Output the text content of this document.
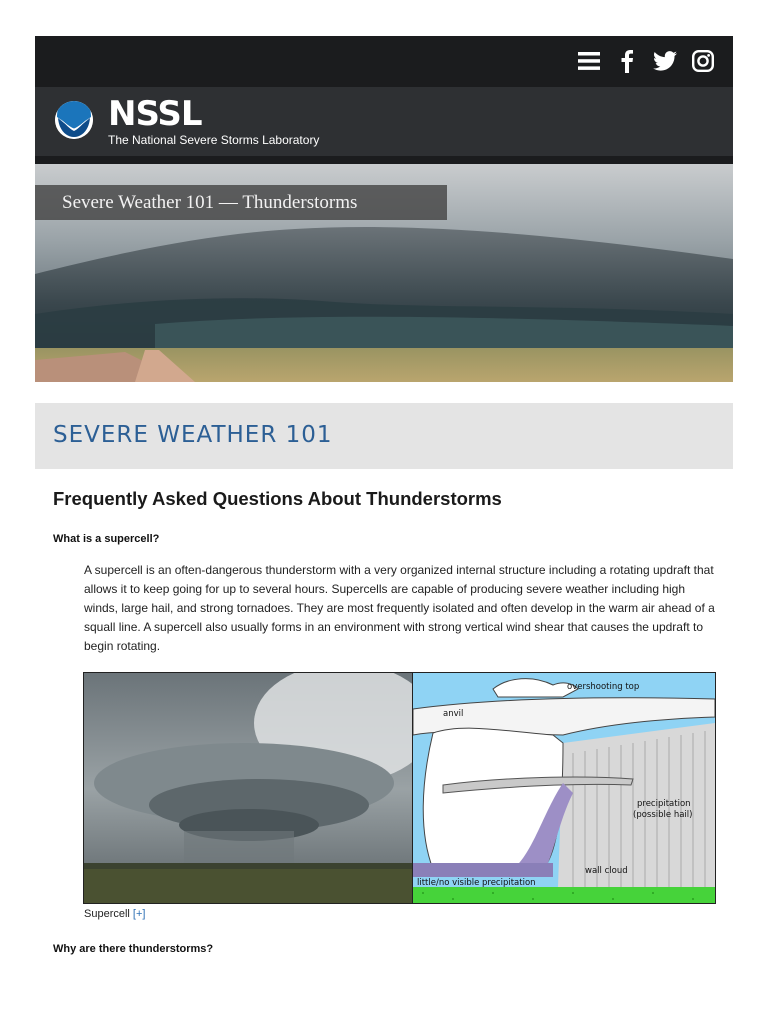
NSSL
The National Severe Storms Laboratory
Severe Weather 101 — Thunderstorms
SEVERE WEATHER 101
Frequently Asked Questions About Thunderstorms

What is a supercell?

A supercell is an often-dangerous thunderstorm with a very organized internal structure including a rotating updraft that allows it to keep going for up to several hours. Supercells are capable of producing severe weather including high winds, large hail, and strong tornadoes. They are most frequently isolated and often develop in the warm air ahead of a squall line. A supercell also usually forms in an environment with strong vertical wind shear that causes the updraft to begin rotating.

overshooting top
anvil
precipitation
(possible hail)
wall cloud
little/no visible precipitation
Supercell [+]

Why are there thunderstorms?
